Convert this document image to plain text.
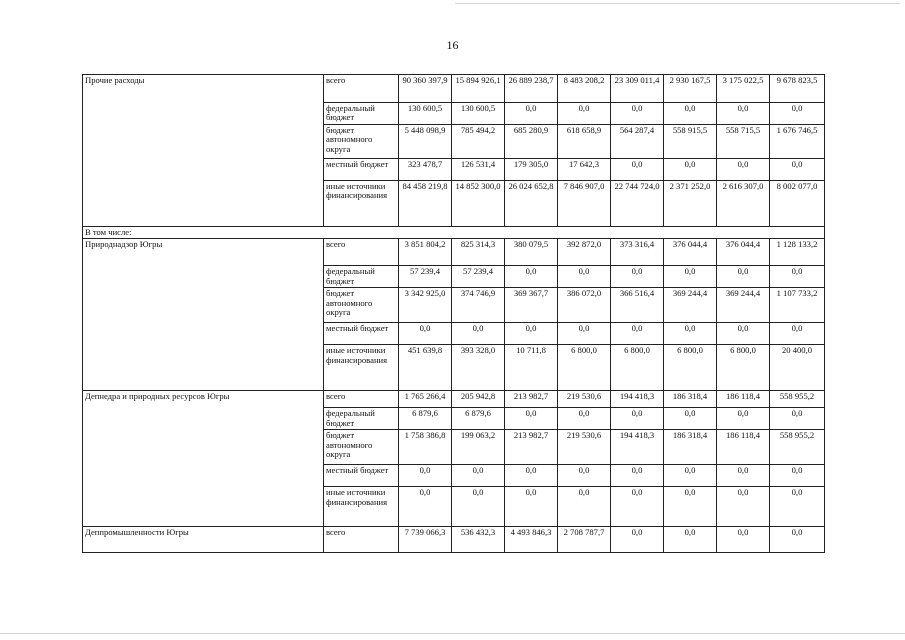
16
Прочие расходы	всего	90 360 397,9	15 894 926,1	26 889 238,7	8 483 208,2	23 309 011,4	2 930 167,5	3 175 022,5	9 678 823,5
	федеральный бюджет	130 600,5	130 600,5	0,0	0,0	0,0	0,0	0,0	0,0
	бюджет автономного округа	5 448 098,9	785 494,2	685 280,9	618 658,9	564 287,4	558 915,5	558 715,5	1 676 746,5
	местный бюджет	323 478,7	126 531,4	179 305,0	17 642,3	0,0	0,0	0,0	0,0
	иные источники финансирования	84 458 219,8	14 852 300,0	26 024 652,8	7 846 907,0	22 744 724,0	2 371 252,0	2 616 307,0	8 002 077,0
В том числе:									
Природнадзор Югры	всего	3 851 804,2	825 314,3	380 079,5	392 872,0	373 316,4	376 044,4	376 044,4	1 128 133,2
	федеральный бюджет	57 239,4	57 239,4	0,0	0,0	0,0	0,0	0,0	0,0
	бюджет автономного округа	3 342 925,0	374 746,9	369 367,7	386 072,0	366 516,4	369 244,4	369 244,4	1 107 733,2
	местный бюджет	0,0	0,0	0,0	0,0	0,0	0,0	0,0	0,0
	иные источники финансирования	451 639,8	393 328,0	10 711,8	6 800,0	6 800,0	6 800,0	6 800,0	20 400,0
Депнедра и природных ресурсов Югры	всего	1 765 266,4	205 942,8	213 982,7	219 530,6	194 418,3	186 318,4	186 118,4	558 955,2
	федеральный бюджет	6 879,6	6 879,6	0,0	0,0	0,0	0,0	0,0	0,0
	бюджет автономного округа	1 758 386,8	199 063,2	213 982,7	219 530,6	194 418,3	186 318,4	186 118,4	558 955,2
	местный бюджет	0,0	0,0	0,0	0,0	0,0	0,0	0,0	0,0
	иные источники финансирования	0,0	0,0	0,0	0,0	0,0	0,0	0,0	0,0
Деппромышленности Югры	всего	7 739 066,3	536 432,3	4 493 846,3	2 708 787,7	0,0	0,0	0,0	0,0
